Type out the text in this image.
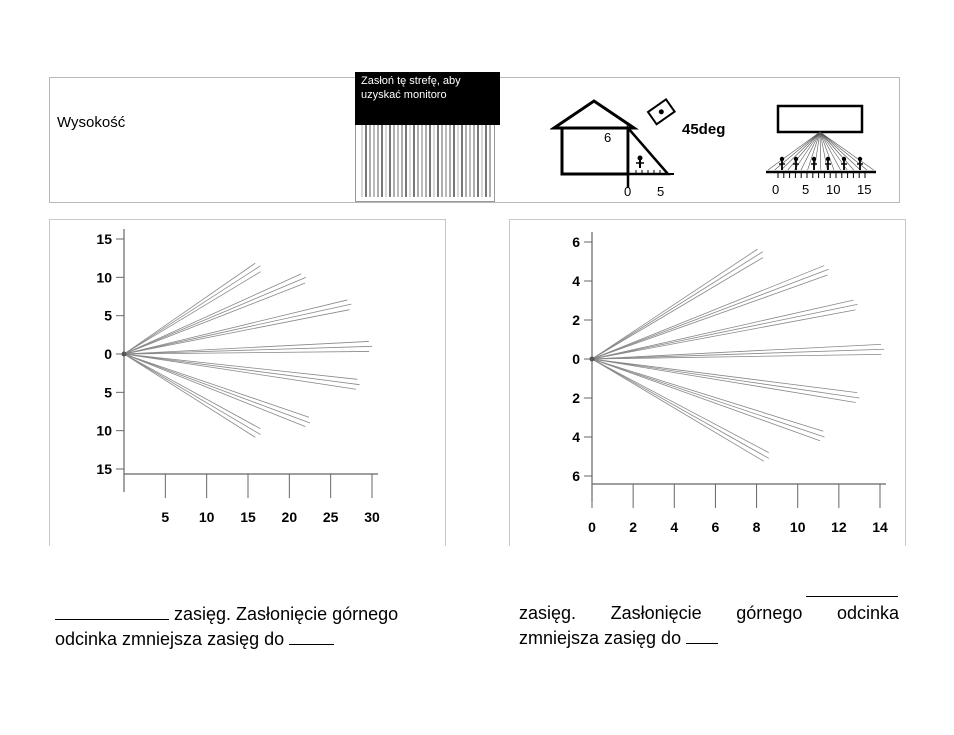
Wysokość
Zasłoń tę strefę, aby uzyskać monitoro
6
0 5
45deg
0 5 10 15
15
10
5
0
5
10
15
5 10 15 20 25 30
6
4
2
0
2
4
6
0 2 4 6 8 10 12 14
zasięg. Zasłonięcie górnego
odcinka zmniejsza zasięg do
zasięg. Zasłonięcie górnego odcinka
zmniejsza zasięg do
